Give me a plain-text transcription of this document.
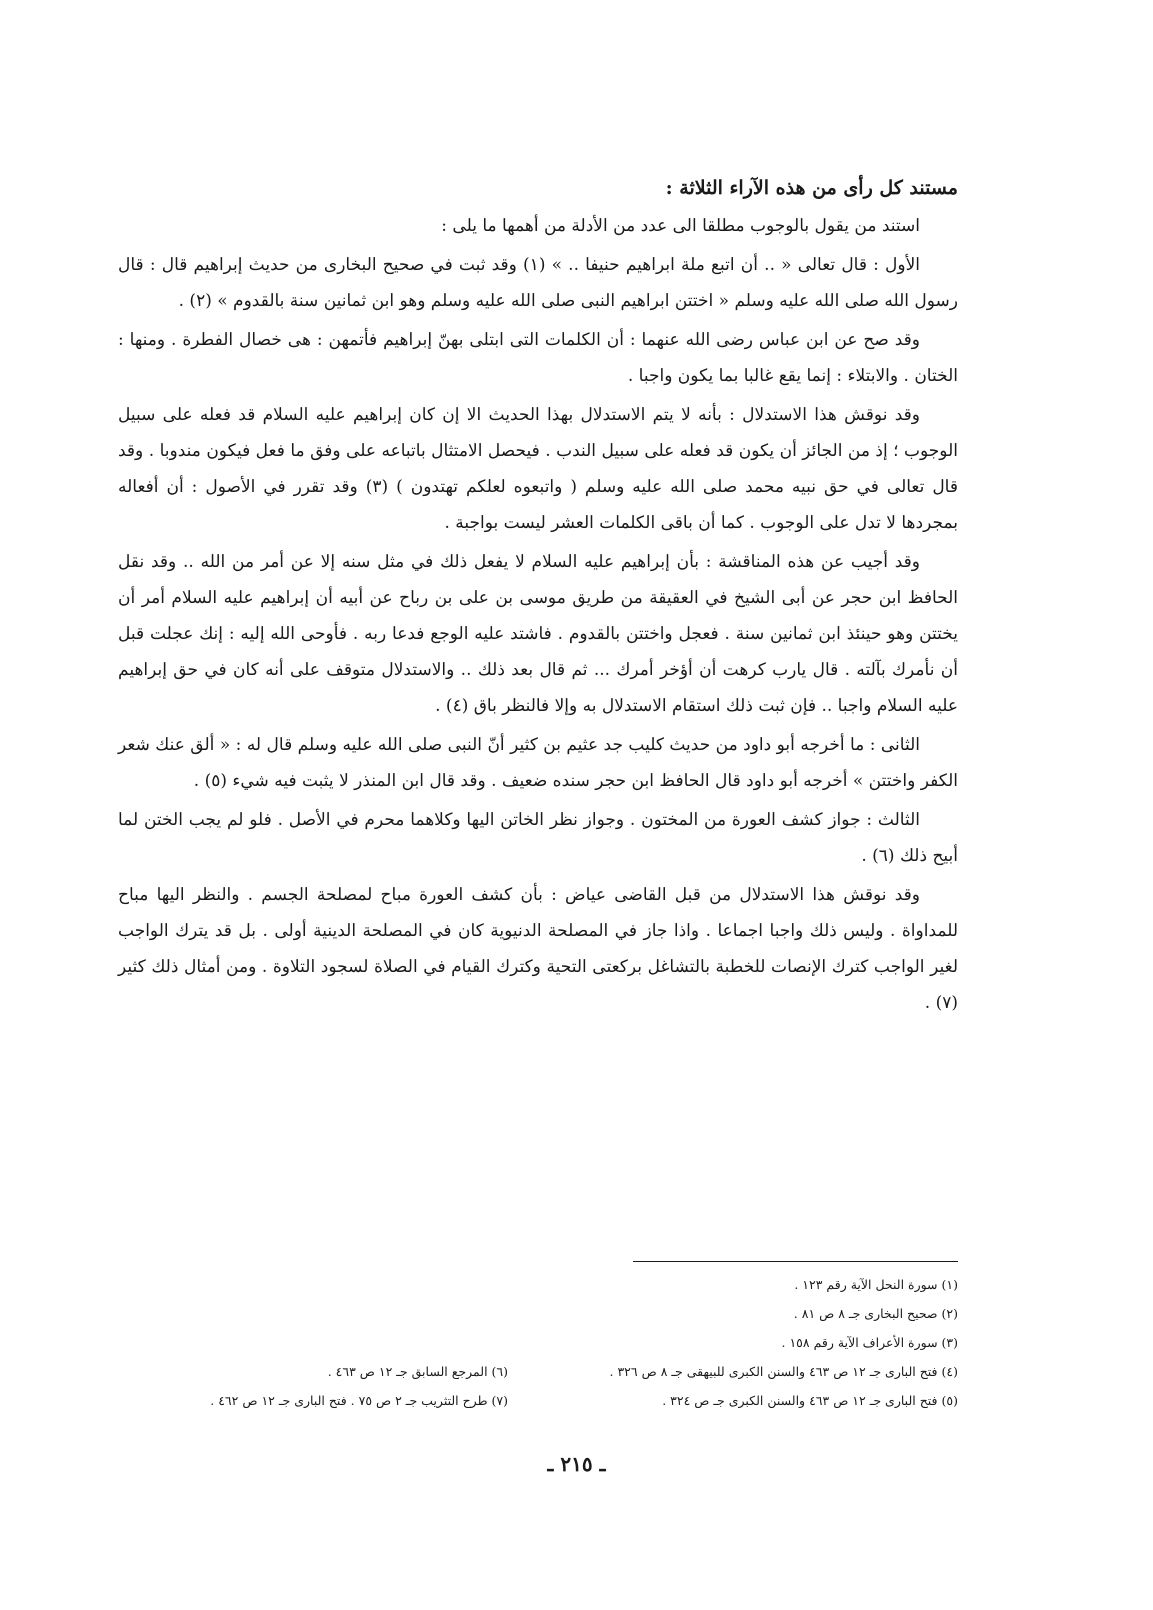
مستند كل رأى من هذه الآراء الثلاثة :

استند من يقول بالوجوب مطلقا الى عدد من الأدلة من أهمها ما يلى :

الأول : قال تعالى « .. أن اتبع ملة ابراهيم حنيفا .. » (١) وقد ثبت في صحيح البخارى من حديث إبراهيم قال : قال رسول الله صلى الله عليه وسلم « اختتن ابراهيم النبى صلى الله عليه وسلم وهو ابن ثمانين سنة بالقدوم » (٢) .

وقد صح عن ابن عباس رضى الله عنهما : أن الكلمات التى ابتلى بهنّ إبراهيم فأتمهن : هى خصال الفطرة . ومنها : الختان . والابتلاء : إنما يقع غالبا بما يكون واجبا .

وقد نوقش هذا الاستدلال : بأنه لا يتم الاستدلال بهذا الحديث الا إن كان إبراهيم عليه السلام قد فعله على سبيل الوجوب ؛ إذ من الجائز أن يكون قد فعله على سبيل الندب . فيحصل الامتثال باتباعه على وفق ما فعل فيكون مندوبا . وقد قال تعالى في حق نبيه محمد صلى الله عليه وسلم ( واتبعوه لعلكم تهتدون ) (٣) وقد تقرر في الأصول : أن أفعاله بمجردها لا تدل على الوجوب . كما أن باقى الكلمات العشر ليست بواجبة .

وقد أجيب عن هذه المناقشة : بأن إبراهيم عليه السلام لا يفعل ذلك في مثل سنه إلا عن أمر من الله .. وقد نقل الحافظ ابن حجر عن أبى الشيخ في العقيقة من طريق موسى بن على بن رباح عن أبيه أن إبراهيم عليه السلام أمر أن يختتن وهو حينئذ ابن ثمانين سنة . فعجل واختتن بالقدوم . فاشتد عليه الوجع فدعا ربه . فأوحى الله إليه : إنك عجلت قبل أن نأمرك بآلته . قال يارب كرهت أن أؤخر أمرك ... ثم قال بعد ذلك .. والاستدلال متوقف على أنه كان في حق إبراهيم عليه السلام واجبا .. فإن ثبت ذلك استقام الاستدلال به وإلا فالنظر باق (٤) .

الثانى : ما أخرجه أبو داود من حديث كليب جد عثيم بن كثير أنّ النبى صلى الله عليه وسلم قال له : « ألق عنك شعر الكفر واختتن » أخرجه أبو داود قال الحافظ ابن حجر سنده ضعيف . وقد قال ابن المنذر لا يثبت فيه شيء (٥) .

الثالث : جواز كشف العورة من المختون . وجواز نظر الخاتن اليها وكلاهما محرم في الأصل . فلو لم يجب الختن لما أبيح ذلك (٦) .

وقد نوقش هذا الاستدلال من قبل القاضى عياض : بأن كشف العورة مباح لمصلحة الجسم . والنظر اليها مباح للمداواة . وليس ذلك واجبا اجماعا . واذا جاز في المصلحة الدنيوية كان في المصلحة الدينية أولى . بل قد يترك الواجب لغير الواجب كترك الإنصات للخطبة بالتشاغل بركعتى التحية وكترك القيام في الصلاة لسجود التلاوة . ومن أمثال ذلك كثير (٧) .

(١) سورة النحل الآية رقم ١٢٣ .
(٢) صحيح البخارى جـ ٨ ص ٨١ .
(٣) سورة الأعراف الآية رقم ١٥٨ .
(٤) فتح البارى جـ ١٢ ص ٤٦٣ والسنن الكبرى للبيهقى جـ ٨ ص ٣٢٦ .
(٦) المرجع السابق جـ ١٢ ص ٤٦٣ .
(٥) فتح البارى جـ ١٢ ص ٤٦٣ والسنن الكبرى جـ ص ٣٢٤ .
(٧) طرح التثريب جـ ٢ ص ٧٥ . فتح البارى جـ ١٢ ص ٤٦٢ .
ـ ٢١٥ ـ
